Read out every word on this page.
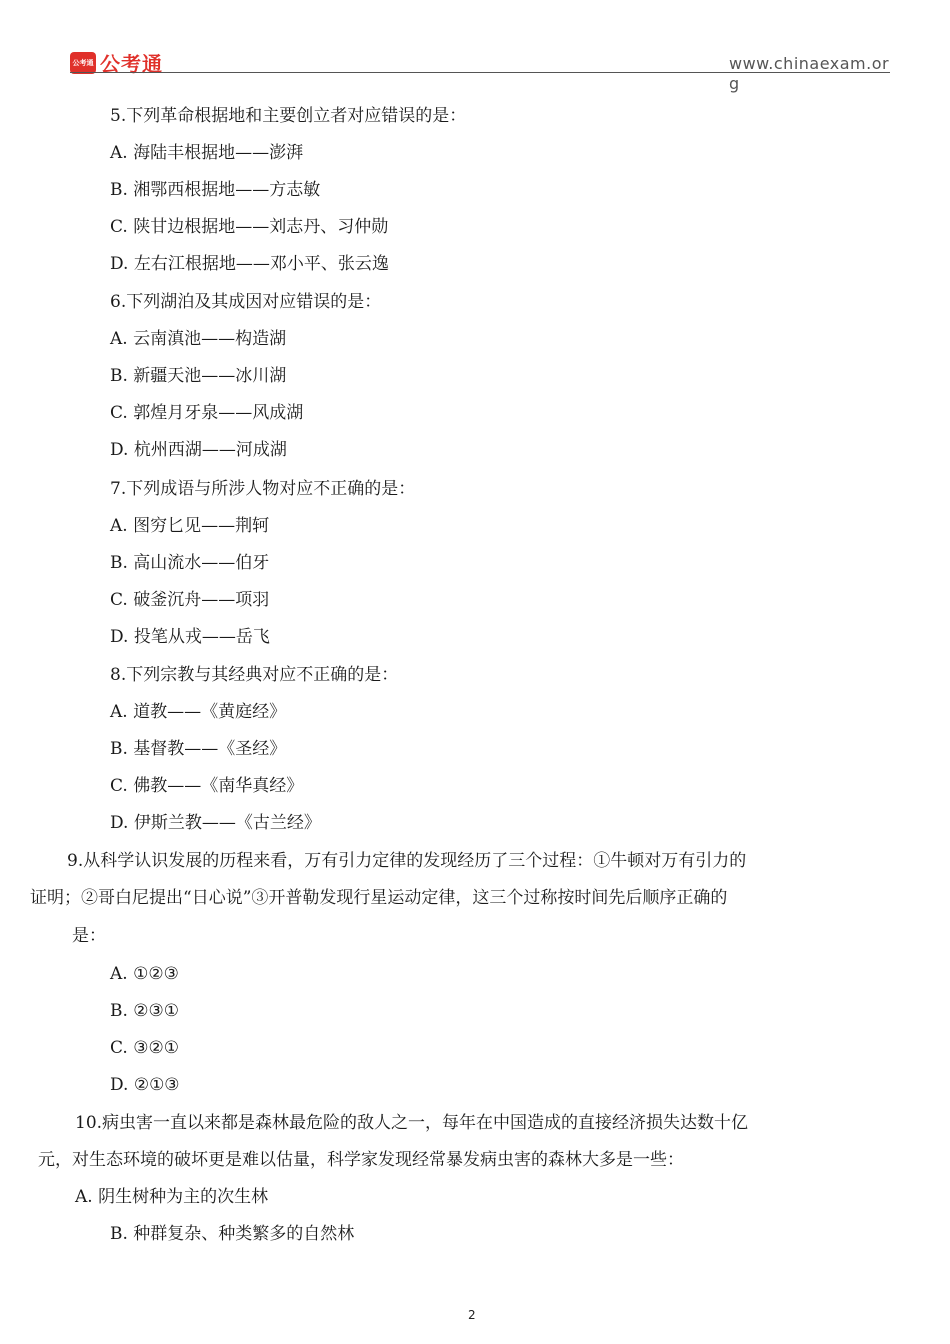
公考通 公考通	www.chinaexam.org
5.下列革命根据地和主要创立者对应错误的是：
A. 海陆丰根据地——澎湃
B. 湘鄂西根据地——方志敏
C. 陕甘边根据地——刘志丹、习仲勋
D. 左右江根据地——邓小平、张云逸
6.下列湖泊及其成因对应错误的是：
A. 云南滇池——构造湖
B. 新疆天池——冰川湖
C. 郭煌月牙泉——风成湖
D. 杭州西湖——河成湖
7.下列成语与所涉人物对应不正确的是：
A. 图穷匕见——荆轲
B. 高山流水——伯牙
C. 破釜沉舟——项羽
D. 投笔从戎——岳飞
8.下列宗教与其经典对应不正确的是：
A. 道教——《黄庭经》
B. 基督教——《圣经》
C. 佛教——《南华真经》
D. 伊斯兰教——《古兰经》
9.从科学认识发展的历程来看，万有引力定律的发现经历了三个过程：①牛顿对万有引力的
证明；②哥白尼提出“日心说”③开普勒发现行星运动定律，这三个过称按时间先后顺序正确的
是：
A. ①②③
B. ②③①
C. ③②①
D. ②①③
10.病虫害一直以来都是森林最危险的敌人之一，每年在中国造成的直接经济损失达数十亿
元，对生态环境的破坏更是难以估量，科学家发现经常暴发病虫害的森林大多是一些：
A. 阴生树种为主的次生林
B. 种群复杂、种类繁多的自然林
2
